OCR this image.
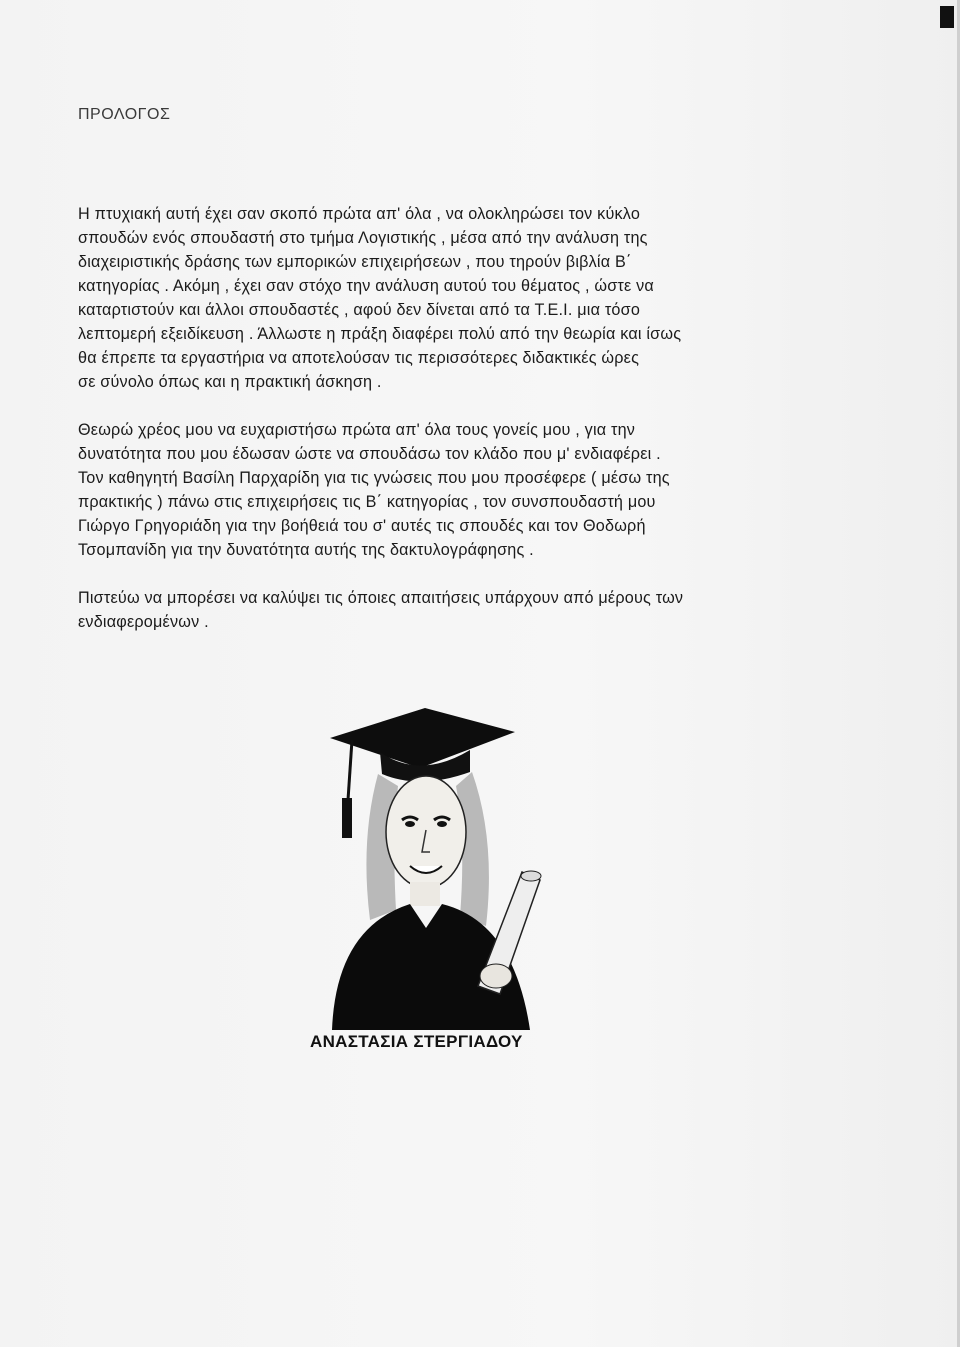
ΠΡΟΛΟΓΟΣ
Η πτυχιακή αυτή έχει σαν σκοπό πρώτα απ' όλα , να ολοκληρώσει τον κύκλο
σπουδών ενός σπουδαστή στο τμήμα Λογιστικής , μέσα από την ανάλυση της
διαχειριστικής δράσης των εμπορικών επιχειρήσεων , που τηρούν βιβλία Β΄
κατηγορίας . Ακόμη , έχει σαν στόχο την ανάλυση αυτού του θέματος , ώστε να
καταρτιστούν και άλλοι σπουδαστές , αφού δεν δίνεται από τα Τ.Ε.Ι. μια τόσο
λεπτομερή εξειδίκευση . Άλλωστε η πράξη διαφέρει πολύ από την θεωρία και ίσως
θα έπρεπε τα εργαστήρια να αποτελούσαν τις περισσότερες διδακτικές ώρες
σε σύνολο όπως και η πρακτική άσκηση .
Θεωρώ χρέος μου να ευχαριστήσω πρώτα απ' όλα τους γονείς μου , για την
δυνατότητα που μου έδωσαν ώστε να σπουδάσω τον κλάδο που μ' ενδιαφέρει .
Τον καθηγητή Βασίλη Παρχαρίδη για τις γνώσεις που μου προσέφερε ( μέσω της
πρακτικής ) πάνω στις επιχειρήσεις τις Β΄ κατηγορίας , τον συνσπουδαστή μου
Γιώργο Γρηγοριάδη για την βοήθειά του σ' αυτές τις σπουδές και τον Θοδωρή
Τσομπανίδη για την δυνατότητα αυτής της δακτυλογράφησης .
Πιστεύω να μπορέσει να καλύψει τις όποιες απαιτήσεις υπάρχουν από μέρους των
ενδιαφερομένων .
ΑΝΑΣΤΑΣΙΑ ΣΤΕΡΓΙΑΔΟΥ
